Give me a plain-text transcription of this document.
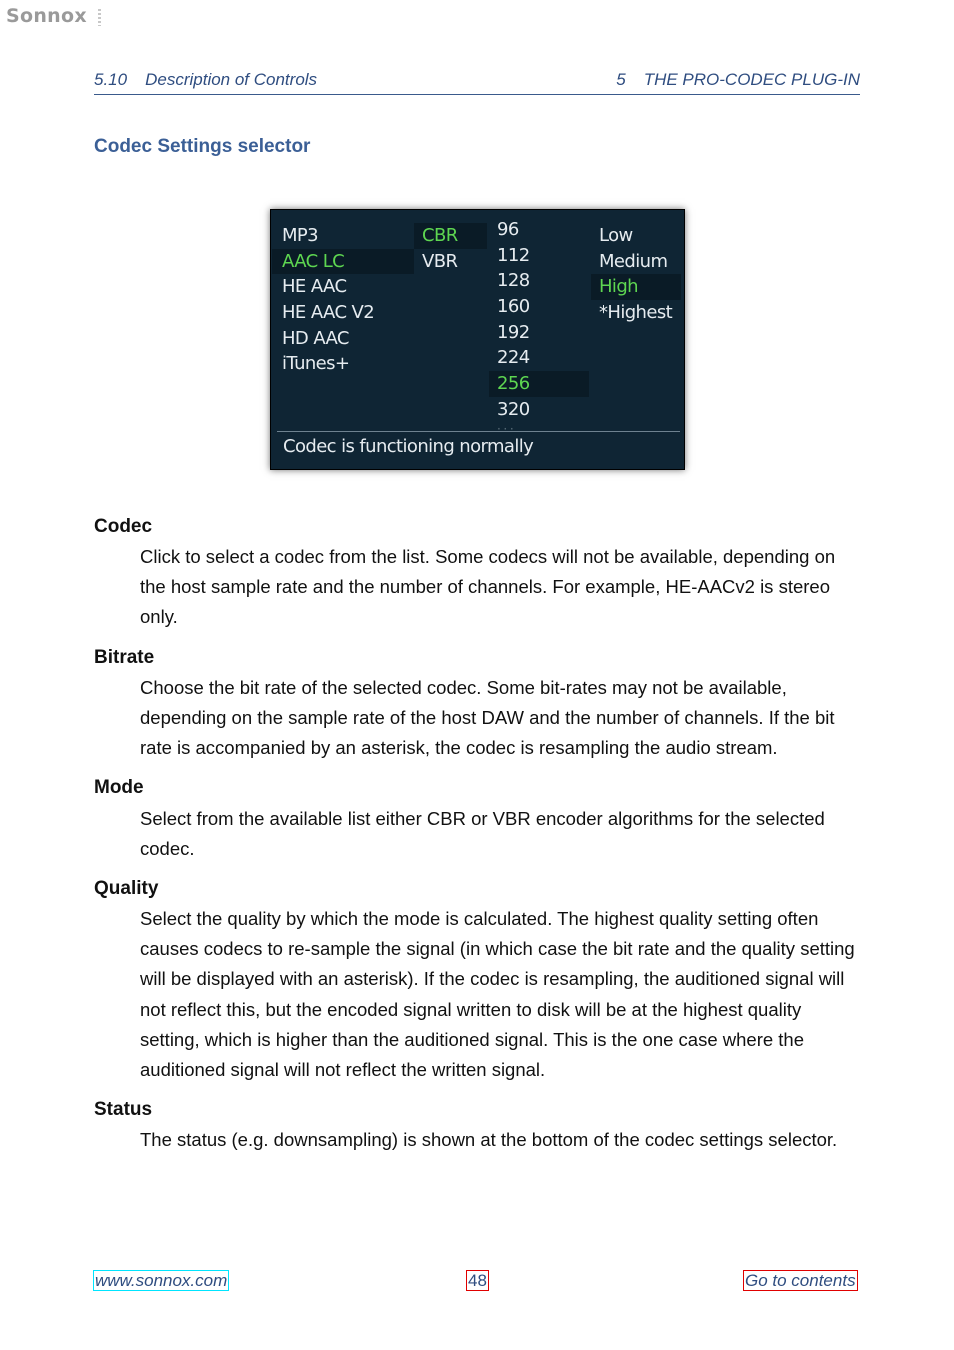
Sonnox
5.10 Description of Controls	5 THE PRO-CODEC PLUG-IN
Codec Settings selector
MP3
AAC LC
HE AAC
HE AAC V2
HD AAC
iTunes+
CBR
VBR
96
112
128
160
192
224
256
320
· · ·
Low
Medium
High
*Highest
Codec is functioning normally
Codec
Click to select a codec from the list. Some codecs will not be available, depending on the host sample rate and the number of channels. For example, HE-AACv2 is stereo only.
Bitrate
Choose the bit rate of the selected codec. Some bit-rates may not be available, depending on the sample rate of the host DAW and the number of channels. If the bit rate is accompanied by an asterisk, the codec is resampling the audio stream.
Mode
Select from the available list either CBR or VBR encoder algorithms for the selected codec.
Quality
Select the quality by which the mode is calculated. The highest quality setting often causes codecs to re-sample the signal (in which case the bit rate and the quality setting will be displayed with an asterisk). If the codec is resampling, the auditioned signal will not reflect this, but the encoded signal written to disk will be at the highest quality setting, which is higher than the auditioned signal. This is the one case where the auditioned signal will not reflect the written signal.
Status
The status (e.g. downsampling) is shown at the bottom of the codec settings selector.
www.sonnox.com	48	Go to contents
